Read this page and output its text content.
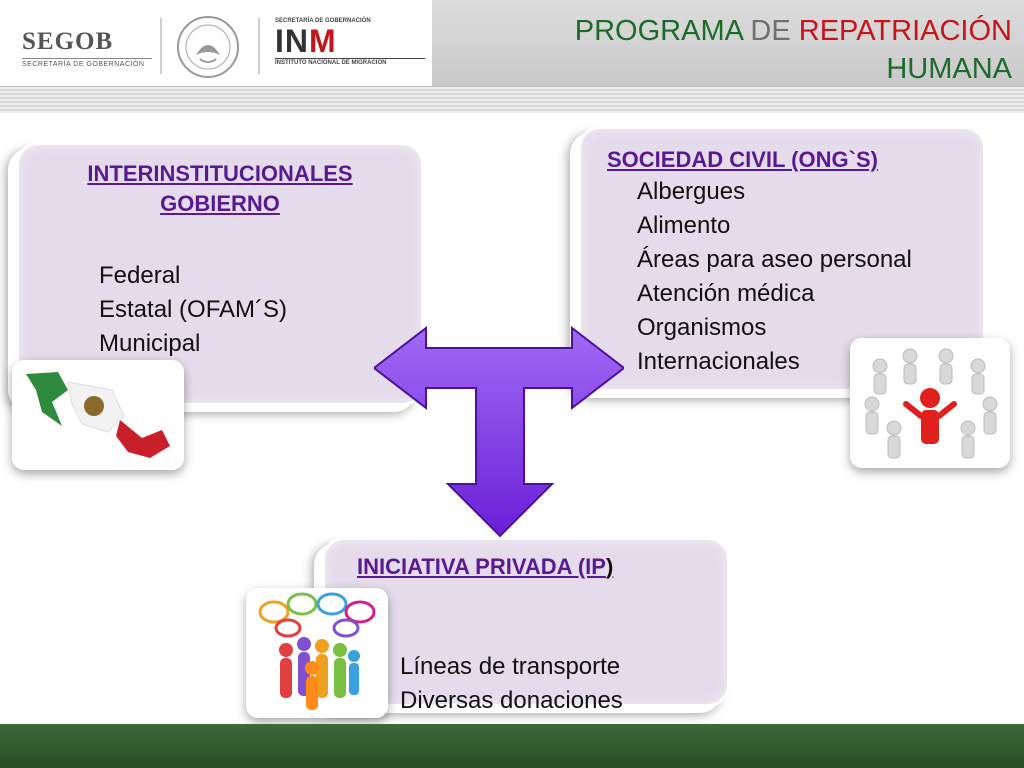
SEGOB
SECRETARÍA DE GOBERNACIÓN
SECRETARÍA DE GOBERNACIÓN
INM
INSTITUTO NACIONAL DE MIGRACIÓN
PROGRAMA DE REPATRIACIÓN
HUMANA
INTERINSTITUCIONALES
GOBIERNO
Federal
Estatal (OFAM´S)
Municipal
SOCIEDAD CIVIL (ONG`S)
Albergues
Alimento
Áreas para aseo personal
Atención médica
Organismos
Internacionales
INICIATIVA PRIVADA (IP)
Líneas de transporte
Diversas donaciones
